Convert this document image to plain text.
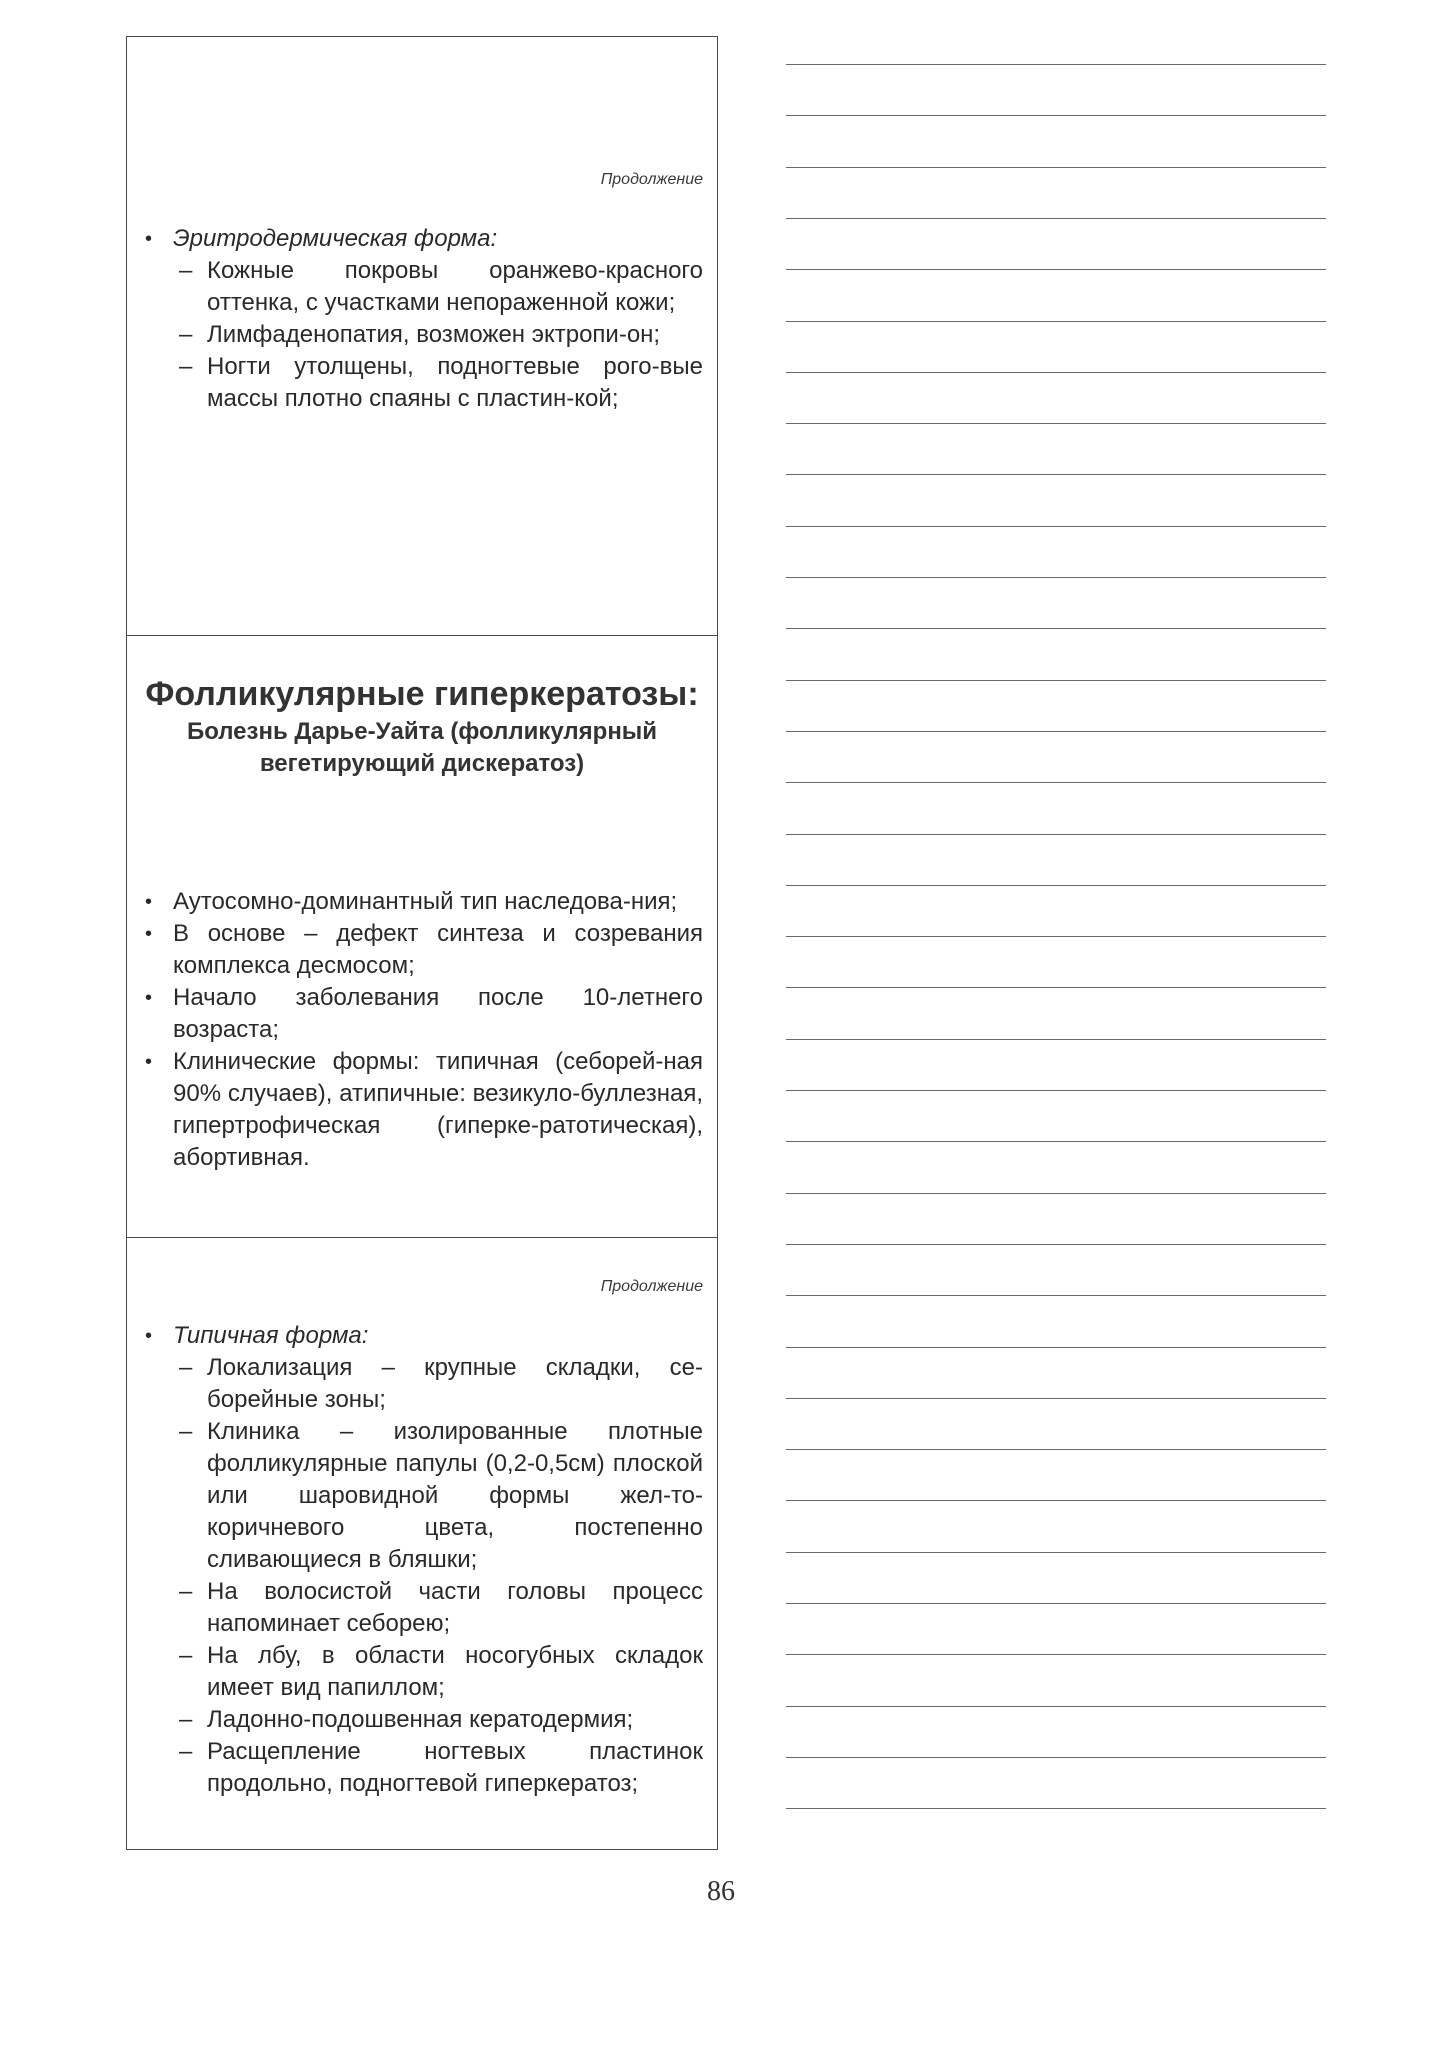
Продолжение
• Эритродермическая форма:
– Кожные покровы оранжево-красного оттенка, с участками непораженной кожи;
– Лимфаденопатия, возможен эктропи-он;
– Ногти утолщены, подногтевые рого-вые массы плотно спаяны с пластин-кой;
Фолликулярные гиперкератозы:
Болезнь Дарье-Уайта (фолликулярный вегетирующий дискератоз)
• Аутосомно-доминантный тип наследова-ния;
• В основе – дефект синтеза и созревания комплекса десмосом;
• Начало заболевания после 10-летнего возраста;
• Клинические формы: типичная (себорей-ная 90% случаев), атипичные: везикуло-буллезная, гипертрофическая (гиперке-ратотическая), абортивная.
Продолжение
• Типичная форма:
– Локализация – крупные складки, се-борейные зоны;
– Клиника – изолированные плотные фолликулярные папулы (0,2-0,5см) плоской или шаровидной формы жел-то-коричневого цвета, постепенно сливающиеся в бляшки;
– На волосистой части головы процесс напоминает себорею;
– На лбу, в области носогубных складок имеет вид папиллом;
– Ладонно-подошвенная кератодермия;
– Расщепление ногтевых пластинок продольно, подногтевой гиперкератоз;
86
